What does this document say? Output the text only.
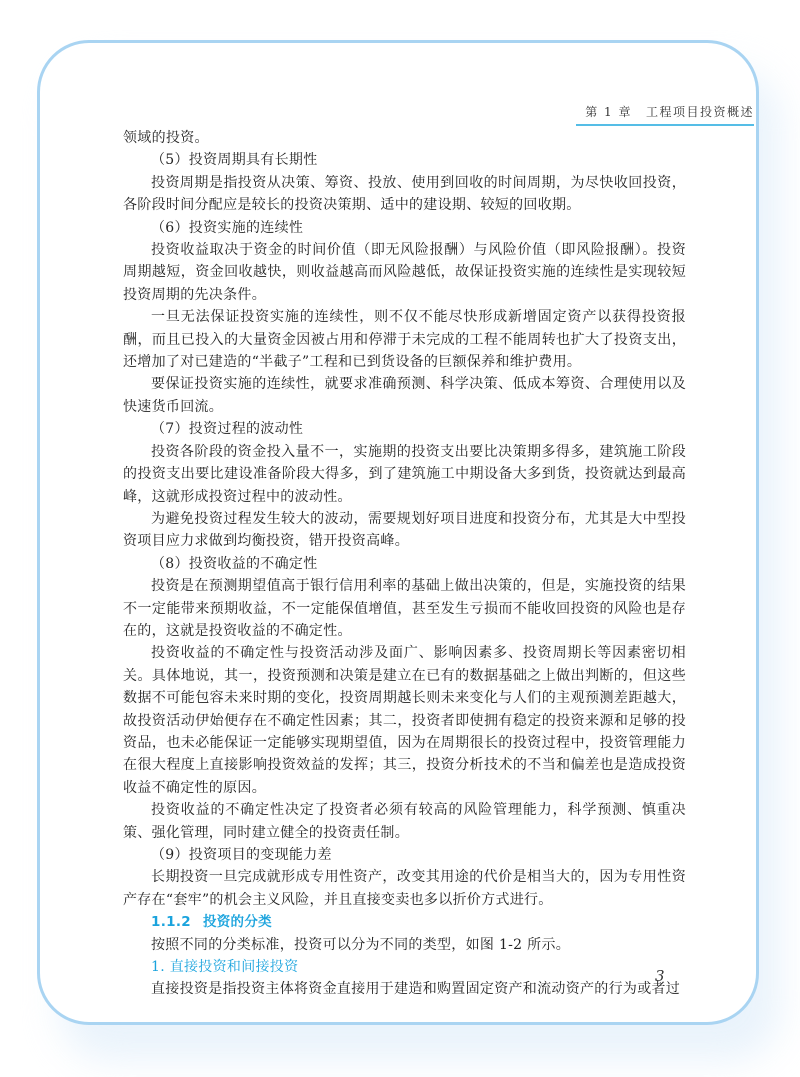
第 1 章 工程项目投资概述

领域的投资。

（5）投资周期具有长期性

投资周期是指投资从决策、筹资、投放、使用到回收的时间周期，为尽快收回投资，各阶段时间分配应是较长的投资决策期、适中的建设期、较短的回收期。

（6）投资实施的连续性

投资收益取决于资金的时间价值（即无风险报酬）与风险价值（即风险报酬）。投资周期越短，资金回收越快，则收益越高而风险越低，故保证投资实施的连续性是实现较短投资周期的先决条件。

一旦无法保证投资实施的连续性，则不仅不能尽快形成新增固定资产以获得投资报酬，而且已投入的大量资金因被占用和停滞于未完成的工程不能周转也扩大了投资支出，还增加了对已建造的“半截子”工程和已到货设备的巨额保养和维护费用。

要保证投资实施的连续性，就要求准确预测、科学决策、低成本筹资、合理使用以及快速货币回流。

（7）投资过程的波动性

投资各阶段的资金投入量不一，实施期的投资支出要比决策期多得多，建筑施工阶段的投资支出要比建设准备阶段大得多，到了建筑施工中期设备大多到货，投资就达到最高峰，这就形成投资过程中的波动性。

为避免投资过程发生较大的波动，需要规划好项目进度和投资分布，尤其是大中型投资项目应力求做到均衡投资，错开投资高峰。

（8）投资收益的不确定性

投资是在预测期望值高于银行信用利率的基础上做出决策的，但是，实施投资的结果不一定能带来预期收益，不一定能保值增值，甚至发生亏损而不能收回投资的风险也是存在的，这就是投资收益的不确定性。

投资收益的不确定性与投资活动涉及面广、影响因素多、投资周期长等因素密切相关。具体地说，其一，投资预测和决策是建立在已有的数据基础之上做出判断的，但这些数据不可能包容未来时期的变化，投资周期越长则未来变化与人们的主观预测差距越大，故投资活动伊始便存在不确定性因素；其二，投资者即使拥有稳定的投资来源和足够的投资品，也未必能保证一定能够实现期望值，因为在周期很长的投资过程中，投资管理能力在很大程度上直接影响投资效益的发挥；其三，投资分析技术的不当和偏差也是造成投资收益不确定性的原因。

投资收益的不确定性决定了投资者必须有较高的风险管理能力，科学预测、慎重决策、强化管理，同时建立健全的投资责任制。

（9）投资项目的变现能力差

长期投资一旦完成就形成专用性资产，改变其用途的代价是相当大的，因为专用性资产存在“套牢”的机会主义风险，并且直接变卖也多以折价方式进行。

1.1.2 投资的分类

按照不同的分类标准，投资可以分为不同的类型，如图 1-2 所示。

1. 直接投资和间接投资

直接投资是指投资主体将资金直接用于建造和购置固定资产和流动资产的行为或者过

3
